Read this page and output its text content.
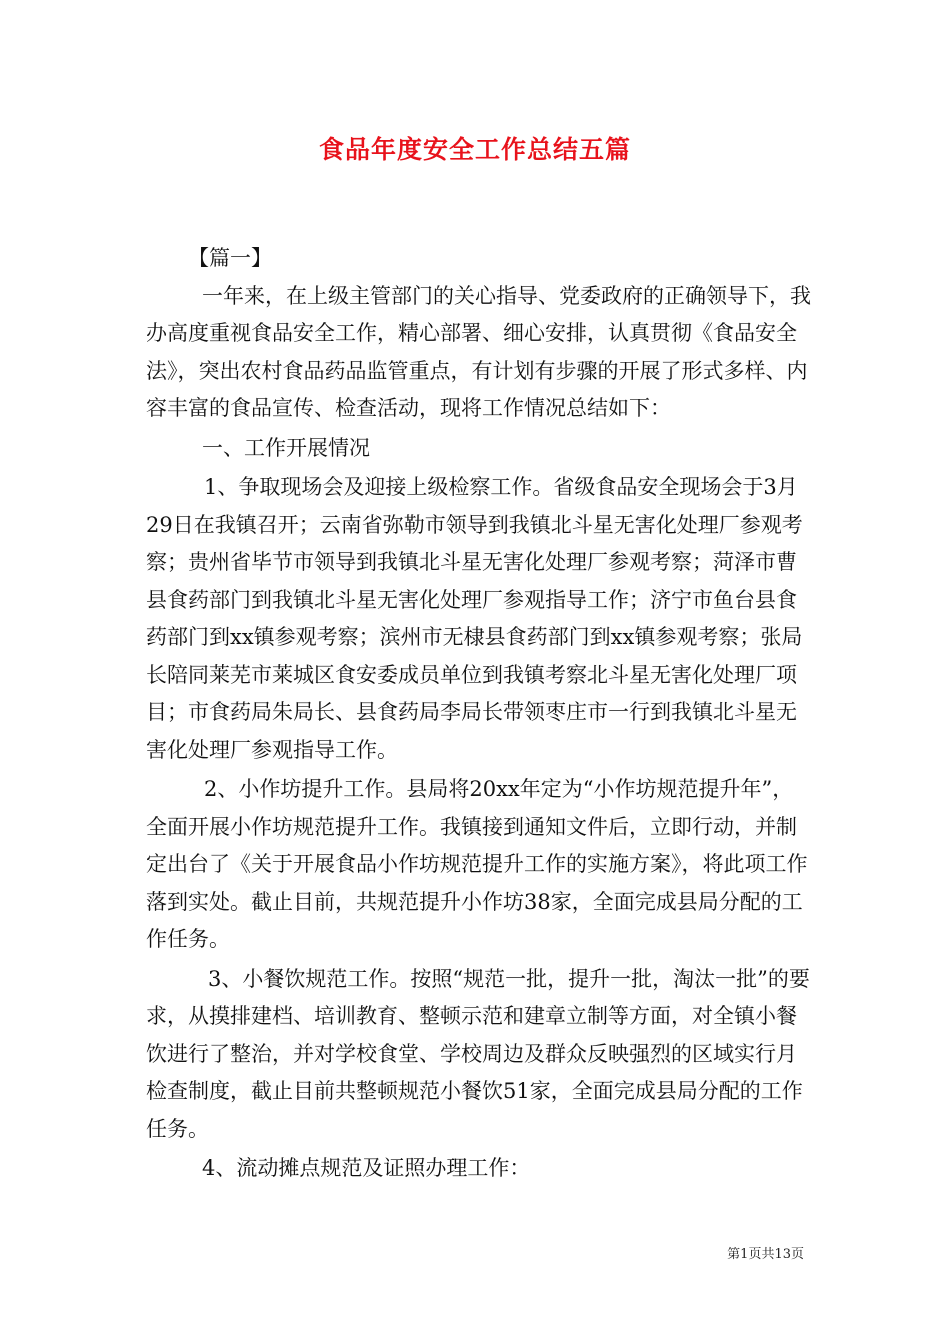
食品年度安全工作总结五篇

【篇一】

一年来，在上级主管部门的关心指导、党委政府的正确领导下，我办高度重视食品安全工作，精心部署、细心安排，认真贯彻《食品安全法》，突出农村食品药品监管重点，有计划有步骤的开展了形式多样、内容丰富的食品宣传、检查活动，现将工作情况总结如下：

一、工作开展情况

1、争取现场会及迎接上级检察工作。省级食品安全现场会于3月29日在我镇召开；云南省弥勒市领导到我镇北斗星无害化处理厂参观考察；贵州省毕节市领导到我镇北斗星无害化处理厂参观考察；菏泽市曹县食药部门到我镇北斗星无害化处理厂参观指导工作；济宁市鱼台县食药部门到xx镇参观考察；滨州市无棣县食药部门到xx镇参观考察；张局长陪同莱芜市莱城区食安委成员单位到我镇考察北斗星无害化处理厂项目；市食药局朱局长、县食药局李局长带领枣庄市一行到我镇北斗星无害化处理厂参观指导工作。

2、小作坊提升工作。县局将20xx年定为“小作坊规范提升年”，全面开展小作坊规范提升工作。我镇接到通知文件后，立即行动，并制定出台了《关于开展食品小作坊规范提升工作的实施方案》，将此项工作落到实处。截止目前，共规范提升小作坊38家，全面完成县局分配的工作任务。

3、小餐饮规范工作。按照“规范一批，提升一批，淘汰一批”的要求，从摸排建档、培训教育、整顿示范和建章立制等方面，对全镇小餐饮进行了整治，并对学校食堂、学校周边及群众反映强烈的区域实行月检查制度，截止目前共整顿规范小餐饮51家，全面完成县局分配的工作任务。

4、流动摊点规范及证照办理工作：

第1页共13页
